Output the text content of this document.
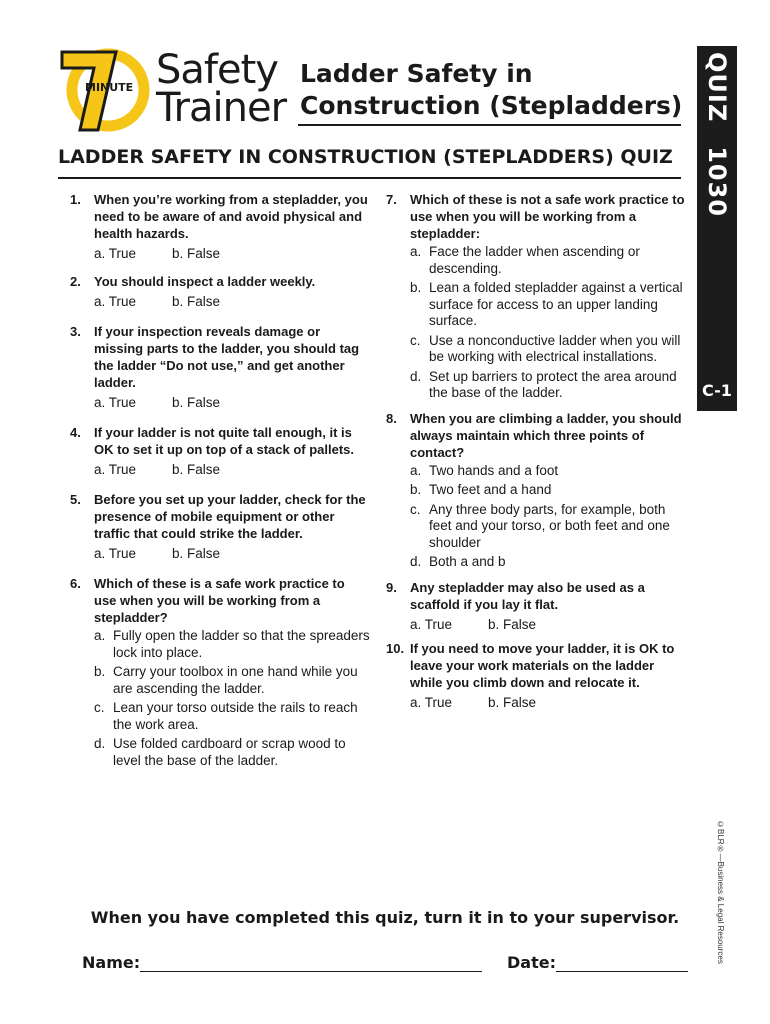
MINUTE Safety
Trainer
Ladder Safety in
Construction (Stepladders)
LADDER SAFETY IN CONSTRUCTION (STEPLADDERS) QUIZ
QUIZ1030
C-1
©BLR®—Business & Legal Resources
1. When you’re working from a stepladder, you need to be aware of and avoid physical and health hazards.
a. True	b. False
2. You should inspect a ladder weekly.
a. True	b. False
3. If your inspection reveals damage or missing parts to the ladder, you should tag the ladder “Do not use,” and get another ladder.
a. True	b. False
4. If your ladder is not quite tall enough, it is OK to set it up on top of a stack of pallets.
a. True	b. False
5. Before you set up your ladder, check for the presence of mobile equipment or other traffic that could strike the ladder.
a. True	b. False
6. Which of these is a safe work practice to use when you will be working from a stepladder?
a. Fully open the ladder so that the spreaders lock into place.
b. Carry your toolbox in one hand while you are ascending the ladder.
c. Lean your torso outside the rails to reach the work area.
d. Use folded cardboard or scrap wood to level the base of the ladder.
7. Which of these is not a safe work practice to use when you will be working from a stepladder:
a. Face the ladder when ascending or descending.
b. Lean a folded stepladder against a vertical surface for access to an upper landing surface.
c. Use a nonconductive ladder when you will be working with electrical installations.
d. Set up barriers to protect the area around the base of the ladder.
8. When you are climbing a ladder, you should always maintain which three points of contact?
a. Two hands and a foot
b. Two feet and a hand
c. Any three body parts, for example, both feet and your torso, or both feet and one shoulder
d. Both a and b
9. Any stepladder may also be used as a scaffold if you lay it flat.
a. True	b. False
10. If you need to move your ladder, it is OK to leave your work materials on the ladder while you climb down and relocate it.
a. True	b. False
When you have completed this quiz, turn it in to your supervisor.
Name:	Date:
